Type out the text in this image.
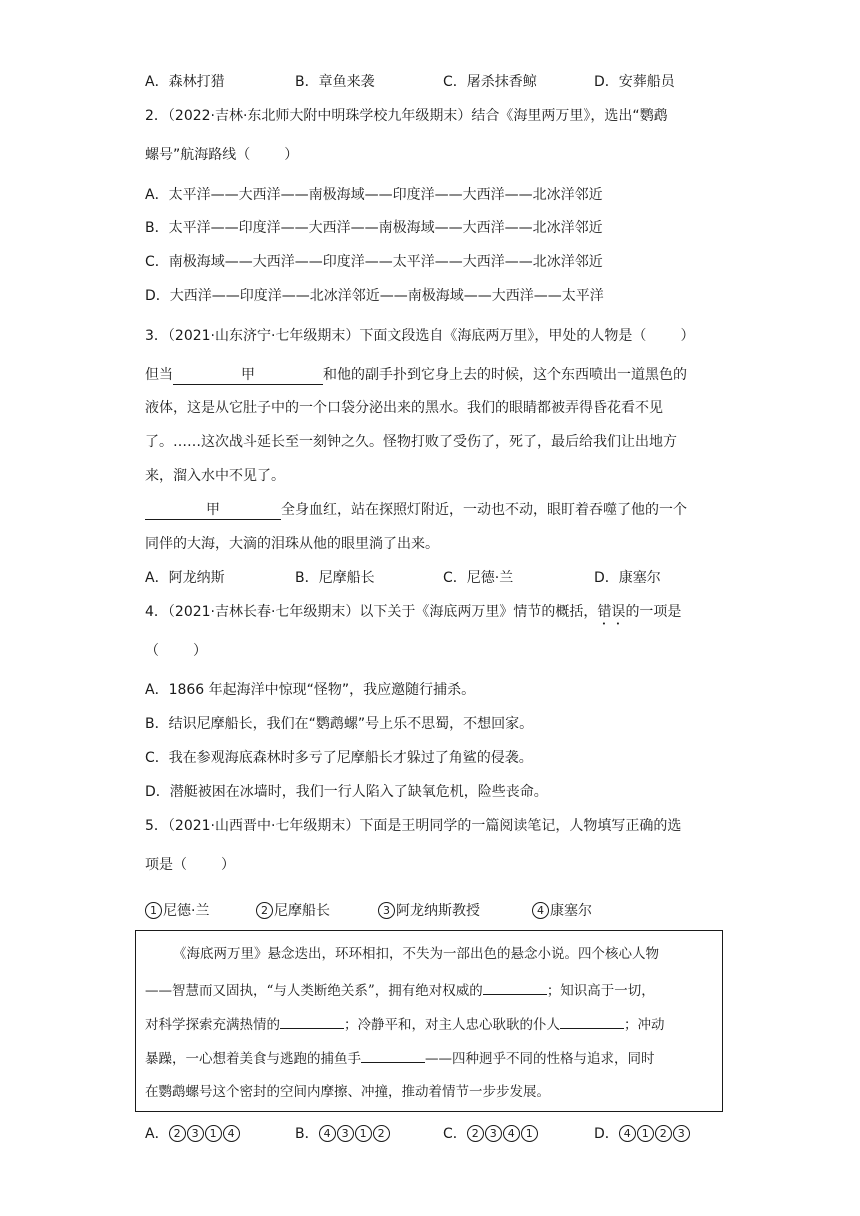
A．森林打猎	B．章鱼来袭	C．屠杀抹香鲸	D．安葬船员
2．（2022·吉林·东北师大附中明珠学校九年级期末）结合《海里两万里》，选出“鹦鹉
螺号”航海路线（ ）
A．太平洋——大西洋——南极海域——印度洋——大西洋——北冰洋邻近
B．太平洋——印度洋——大西洋——南极海域——大西洋——北冰洋邻近
C．南极海域——大西洋——印度洋——太平洋——大西洋——北冰洋邻近
D．大西洋——印度洋——北冰洋邻近——南极海域——大西洋——太平洋
3．（2021·山东济宁·七年级期末）下面文段选自《海底两万里》，甲处的人物是（ ）
但当	甲	和他的副手扑到它身上去的时候，这个东西喷出一道黑色的
液体，这是从它肚子中的一个口袋分泌出来的黑水。我们的眼睛都被弄得昏花看不见
了。……这次战斗延长至一刻钟之久。怪物打败了受伤了，死了，最后给我们让出地方
来，溜入水中不见了。
甲	全身血红，站在探照灯附近，一动也不动，眼盯着吞噬了他的一个
同伴的大海，大滴的泪珠从他的眼里淌了出来。
A．阿龙纳斯	B．尼摩船长	C．尼德·兰	D．康塞尔
4．（2021·吉林长春·七年级期末）以下关于《海底两万里》情节的概括，错误的一项是
（ ）
A．1866 年起海洋中惊现“怪物”，我应邀随行捕杀。
B．结识尼摩船长，我们在“鹦鹉螺”号上乐不思蜀，不想回家。
C．我在参观海底森林时多亏了尼摩船长才躲过了角鲨的侵袭。
D．潜艇被困在冰墙时，我们一行人陷入了缺氧危机，险些丧命。
5．（2021·山西晋中·七年级期末）下面是王明同学的一篇阅读笔记，人物填写正确的选
项是（ ）
1 尼德·兰	2 尼摩船长	3 阿龙纳斯教授	4 康塞尔
《海底两万里》悬念迭出，环环相扣，不失为一部出色的悬念小说。四个核心人物
——智慧而又固执，“与人类断绝关系”，拥有绝对权威的	；知识高于一切，
对科学探索充满热情的	；冷静平和，对主人忠心耿耿的仆人	；冲动
暴躁，一心想着美食与逃跑的捕鱼手	——四种迥乎不同的性格与追求，同时
在鹦鹉螺号这个密封的空间内摩擦、冲撞，推动着情节一步步发展。
A． 2 3 1 4	B． 4 3 1 2	C． 2 3 4 1	D． 4 1 2 3
